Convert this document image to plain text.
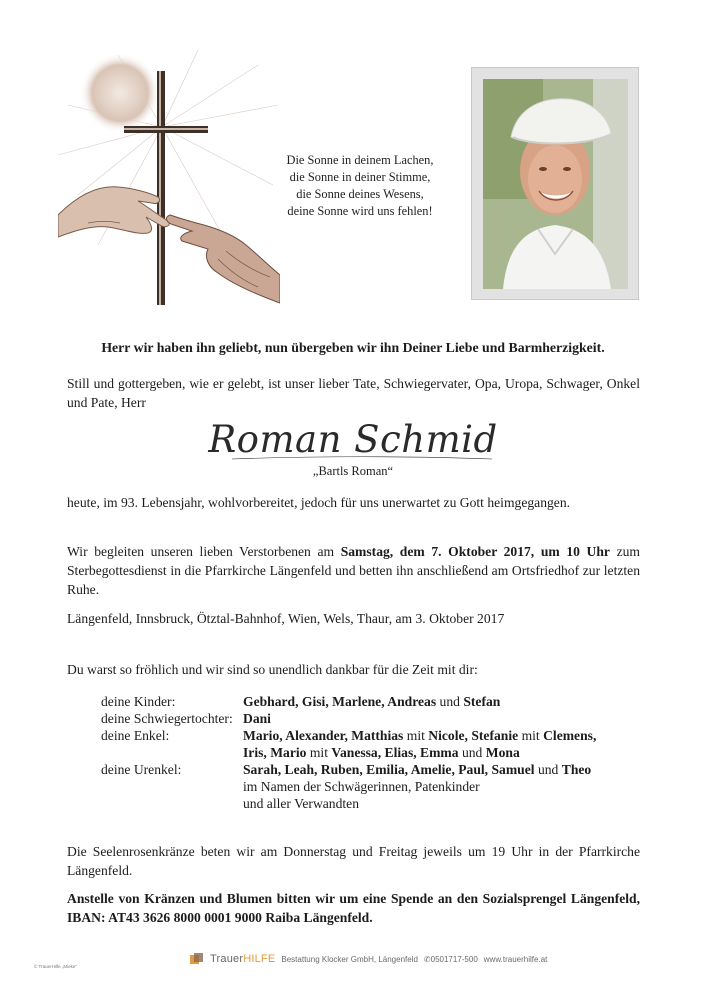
Die Sonne in deinem Lachen,
die Sonne in deiner Stimme,
die Sonne deines Wesens,
deine Sonne wird uns fehlen!
Herr wir haben ihn geliebt, nun übergeben wir ihn Deiner Liebe und Barmherzigkeit.
Still und gottergeben, wie er gelebt, ist unser lieber Tate, Schwiegervater, Opa, Uropa, Schwager, Onkel und Pate, Herr
Roman Schmid
„Bartls Roman“
heute, im 93. Lebensjahr, wohlvorbereitet, jedoch für uns unerwartet zu Gott heimgegangen.
Wir begleiten unseren lieben Verstorbenen am Samstag, dem 7. Oktober 2017, um 10 Uhr zum Sterbegottesdienst in die Pfarrkirche Längenfeld und betten ihn anschließend am Ortsfriedhof zur letzten Ruhe.
Längenfeld, Innsbruck, Ötztal-Bahnhof, Wien, Wels, Thaur, am 3. Oktober 2017
Du warst so fröhlich und wir sind so unendlich dankbar für die Zeit mit dir:
deine Kinder:	Gebhard, Gisi, Marlene, Andreas und Stefan
deine Schwiegertochter: Dani
deine Enkel:	Mario, Alexander, Matthias mit Nicole, Stefanie mit Clemens,
Iris, Mario mit Vanessa, Elias, Emma und Mona
deine Urenkel:	Sarah, Leah, Ruben, Emilia, Amelie, Paul, Samuel und Theo
im Namen der Schwägerinnen, Patenkinder
und aller Verwandten
Die Seelenrosenkränze beten wir am Donnerstag und Freitag jeweils um 19 Uhr in der Pfarrkirche Längenfeld.
Anstelle von Kränzen und Blumen bitten wir um eine Spende an den Sozialsprengel Längenfeld, IBAN: AT43 3626 8000 0001 9000 Raiba Längenfeld.
© TrauerHilfe „Mieke“
TrauerHILFE Bestattung Klocker GmbH, Längenfeld ✆0501717-500 www.trauerhilfe.at
